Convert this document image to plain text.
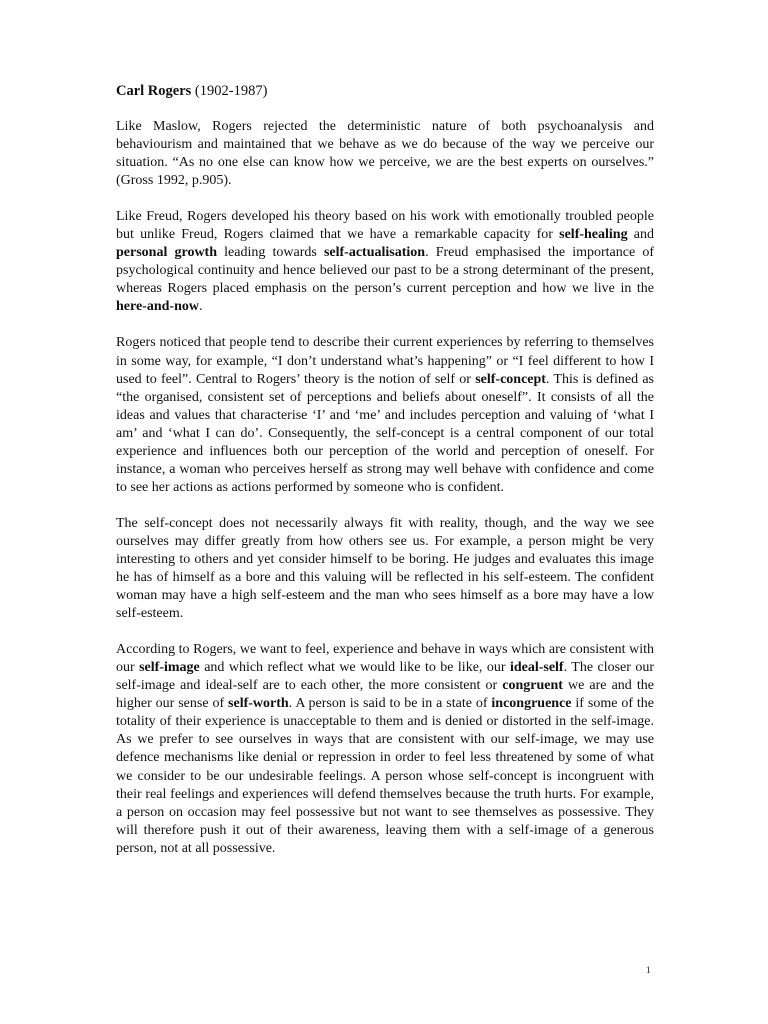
Carl Rogers (1902-1987)

Like Maslow, Rogers rejected the deterministic nature of both psychoanalysis and behaviourism and maintained that we behave as we do because of the way we perceive our situation. “As no one else can know how we perceive, we are the best experts on ourselves.” (Gross 1992, p.905).

Like Freud, Rogers developed his theory based on his work with emotionally troubled people but unlike Freud, Rogers claimed that we have a remarkable capacity for self-healing and personal growth leading towards self-actualisation. Freud emphasised the importance of psychological continuity and hence believed our past to be a strong determinant of the present, whereas Rogers placed emphasis on the person’s current perception and how we live in the here-and-now.

Rogers noticed that people tend to describe their current experiences by referring to themselves in some way, for example, “I don’t understand what’s happening” or “I feel different to how I used to feel”. Central to Rogers’ theory is the notion of self or self-concept. This is defined as “the organised, consistent set of perceptions and beliefs about oneself”. It consists of all the ideas and values that characterise ‘I’ and ‘me’ and includes perception and valuing of ‘what I am’ and ‘what I can do’. Consequently, the self-concept is a central component of our total experience and influences both our perception of the world and perception of oneself. For instance, a woman who perceives herself as strong may well behave with confidence and come to see her actions as actions performed by someone who is confident.

The self-concept does not necessarily always fit with reality, though, and the way we see ourselves may differ greatly from how others see us. For example, a person might be very interesting to others and yet consider himself to be boring. He judges and evaluates this image he has of himself as a bore and this valuing will be reflected in his self-esteem. The confident woman may have a high self-esteem and the man who sees himself as a bore may have a low self-esteem.

According to Rogers, we want to feel, experience and behave in ways which are consistent with our self-image and which reflect what we would like to be like, our ideal-self. The closer our self-image and ideal-self are to each other, the more consistent or congruent we are and the higher our sense of self-worth. A person is said to be in a state of incongruence if some of the totality of their experience is unacceptable to them and is denied or distorted in the self-image. As we prefer to see ourselves in ways that are consistent with our self-image, we may use defence mechanisms like denial or repression in order to feel less threatened by some of what we consider to be our undesirable feelings. A person whose self-concept is incongruent with their real feelings and experiences will defend themselves because the truth hurts. For example, a person on occasion may feel possessive but not want to see themselves as possessive. They will therefore push it out of their awareness, leaving them with a self-image of a generous person, not at all possessive.

1
